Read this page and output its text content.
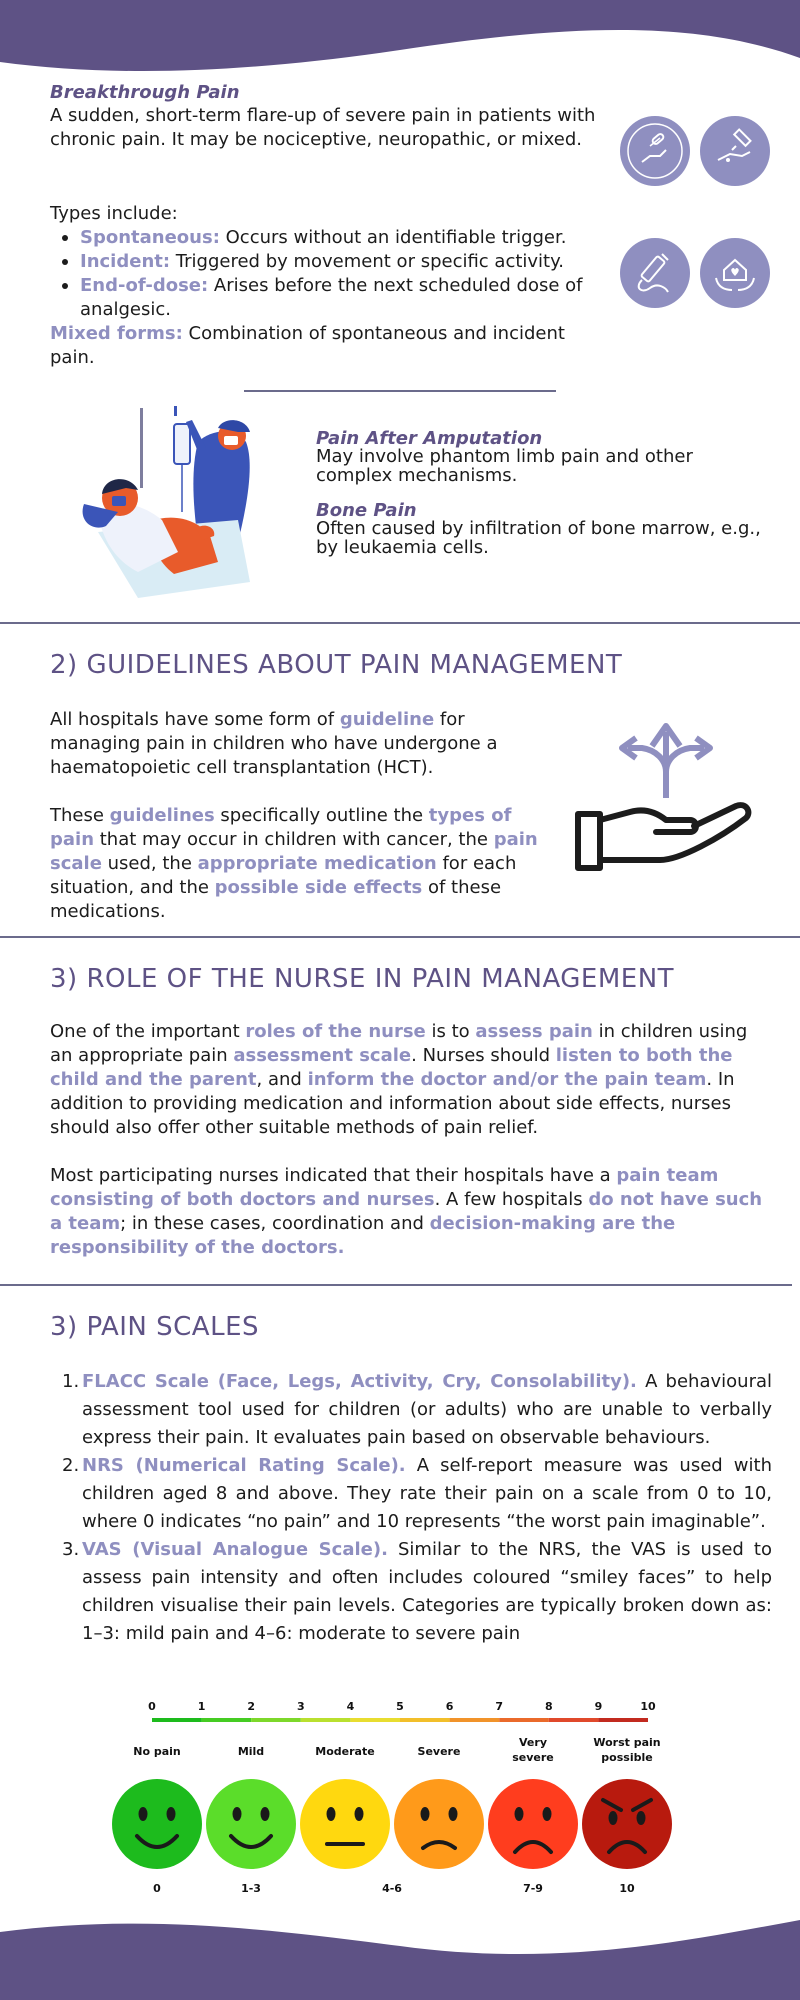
Breakthrough Pain
A sudden, short-term flare-up of severe pain in patients with chronic pain. It may be nociceptive, neuropathic, or mixed.
Types include:
Spontaneous: Occurs without an identifiable trigger.
Incident: Triggered by movement or specific activity.
End-of-dose: Arises before the next scheduled dose of analgesic.
Mixed forms: Combination of spontaneous and incident pain.
Pain After Amputation
May involve phantom limb pain and other complex mechanisms.
Bone Pain
Often caused by infiltration of bone marrow, e.g., by leukaemia cells.
2) GUIDELINES ABOUT PAIN MANAGEMENT
All hospitals have some form of guideline for managing pain in children who have undergone a haematopoietic cell transplantation (HCT).
These guidelines specifically outline the types of pain that may occur in children with cancer, the pain scale used, the appropriate medication for each situation, and the possible side effects of these medications.
3) ROLE OF THE NURSE IN PAIN MANAGEMENT
One of the important roles of the nurse is to assess pain in children using an appropriate pain assessment scale. Nurses should listen to both the child and the parent, and inform the doctor and/or the pain team. In addition to providing medication and information about side effects, nurses should also offer other suitable methods of pain relief.
Most participating nurses indicated that their hospitals have a pain team consisting of both doctors and nurses. A few hospitals do not have such a team; in these cases, coordination and decision-making are the responsibility of the doctors.
3) PAIN SCALES
1. FLACC Scale (Face, Legs, Activity, Cry, Consolability). A behavioural assessment tool used for children (or adults) who are unable to verbally express their pain. It evaluates pain based on observable behaviours.
2. NRS (Numerical Rating Scale). A self-report measure was used with children aged 8 and above. They rate their pain on a scale from 0 to 10, where 0 indicates “no pain” and 10 represents “the worst pain imaginable”.
3. VAS (Visual Analogue Scale). Similar to the NRS, the VAS is used to assess pain intensity and often includes coloured “smiley faces” to help children visualise their pain levels. Categories are typically broken down as: 1–3: mild pain and 4–6: moderate to severe pain
0	1	2	3	4	5	6	7	8	9	10
No pain	Mild	Moderate	Severe
Very
severe
Worst pain
possible
0	1-3	4-6	7-9	10
